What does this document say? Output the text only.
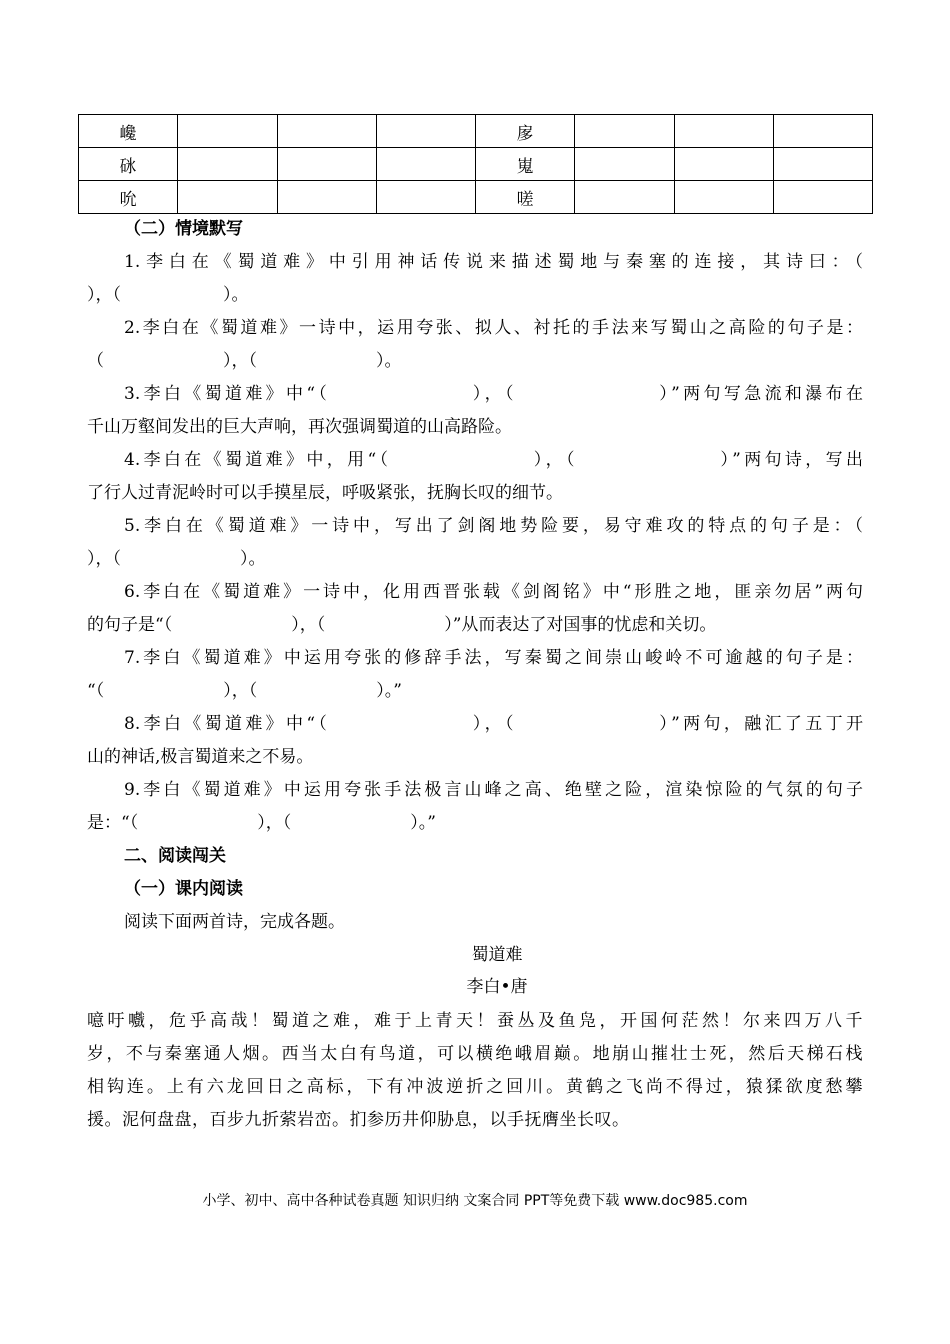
巉				扅			
砯				嵬			
吮				嗟			
（二）情境默写
1.李白在《蜀道难》中引用神话传说来描述蜀地与秦塞的连接，其诗曰：（
），（　　　　　　）。
2.李白在《蜀道难》一诗中，运用夸张、拟人、衬托的手法来写蜀山之高险的句子是：
（　　　　　　　），（　　　　　　　）。
3.李白《蜀道难》中“（　　　　　　　），（　　　　　　　）”两句写急流和瀑布在
千山万壑间发出的巨大声响，再次强调蜀道的山高路险。
4.李白在《蜀道难》中，用“（　　　　　　　），（　　　　　　　）”两句诗，写出
了行人过青泥岭时可以手摸星辰，呼吸紧张，抚胸长叹的细节。
5.李白在《蜀道难》一诗中，写出了剑阁地势险要，易守难攻的特点的句子是：（
），（　　　　　　　）。
6.李白在《蜀道难》一诗中，化用西晋张载《剑阁铭》中“形胜之地，匪亲勿居”两句
的句子是“（　　　　　　　），（　　　　　　　）”从而表达了对国事的忧虑和关切。
7.李白《蜀道难》中运用夸张的修辞手法，写秦蜀之间崇山峻岭不可逾越的句子是：
“（　　　　　　　），（　　　　　　　）。”
8.李白《蜀道难》中“（　　　　　　　），（　　　　　　　）”两句，融汇了五丁开
山的神话,极言蜀道来之不易。
9.李白《蜀道难》中运用夸张手法极言山峰之高、绝壁之险，渲染惊险的气氛的句子
是：“（　　　　　　　），（　　　　　　　）。”
二、阅读闯关
（一）课内阅读
阅读下面两首诗，完成各题。
蜀道难
李白•唐
噫吁嚱，危乎高哉！蜀道之难，难于上青天！蚕丛及鱼凫，开国何茫然！尔来四万八千
岁，不与秦塞通人烟。西当太白有鸟道，可以横绝峨眉巅。地崩山摧壮士死，然后天梯石栈
相钩连。上有六龙回日之高标，下有冲波逆折之回川。黄鹤之飞尚不得过，猿猱欲度愁攀
援。泥何盘盘，百步九折萦岩峦。扪参历井仰胁息，以手抚膺坐长叹。
小学、初中、高中各种试卷真题 知识归纳 文案合同 PPT等免费下载 www.doc985.com
